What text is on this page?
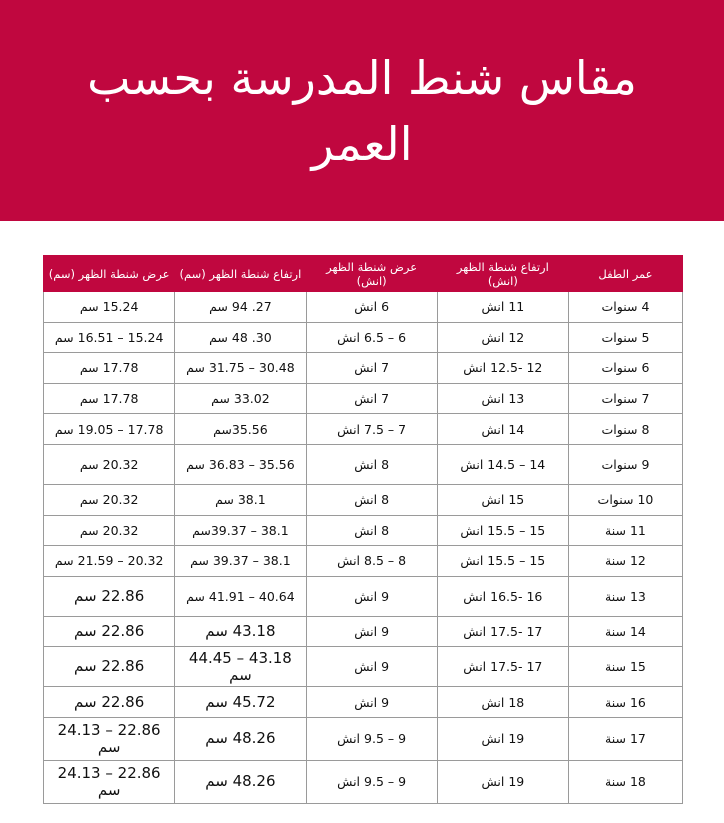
مقاس شنط المدرسة بحسب
العمر
عمر الطفل	ارتفاع شنطة الظهر (انش)	عرض شنطة الظهر (انش)	ارتفاع شنطة الظهر (سم)	عرض شنطة الظهر (سم)
4 سنوات	11 انش	6 انش	27. 94 سم	15.24 سم
5 سنوات	12 انش	6 – 6.5 انش	30. 48 سم	15.24 – 16.51 سم
6 سنوات	12 -12.5 انش	7 انش	30.48 – 31.75 سم	17.78 سم
7 سنوات	13 انش	7 انش	33.02 سم	17.78 سم
8 سنوات	14 انش	7 – 7.5 انش	35.56سم	17.78 – 19.05 سم
9 سنوات	14 – 14.5 انش	8 انش	35.56 – 36.83 سم	20.32 سم
10 سنوات	15 انش	8 انش	38.1 سم	20.32 سم
11 سنة	15 – 15.5 انش	8 انش	38.1 – 39.37سم	20.32 سم
12 سنة	15 – 15.5 انش	8 – 8.5 انش	38.1 – 39.37 سم	20.32 – 21.59 سم
13 سنة	16 -16.5 انش	9 انش	40.64 – 41.91 سم	22.86 سم
14 سنة	17 -17.5 انش	9 انش	43.18 سم	22.86 سم
15 سنة	17 -17.5 انش	9 انش	43.18 – 44.45 سم	22.86 سم
16 سنة	18 انش	9 انش	45.72 سم	22.86 سم
17 سنة	19 انش	9 – 9.5 انش	48.26 سم	22.86 – 24.13 سم
18 سنة	19 انش	9 – 9.5 انش	48.26 سم	22.86 – 24.13 سم
